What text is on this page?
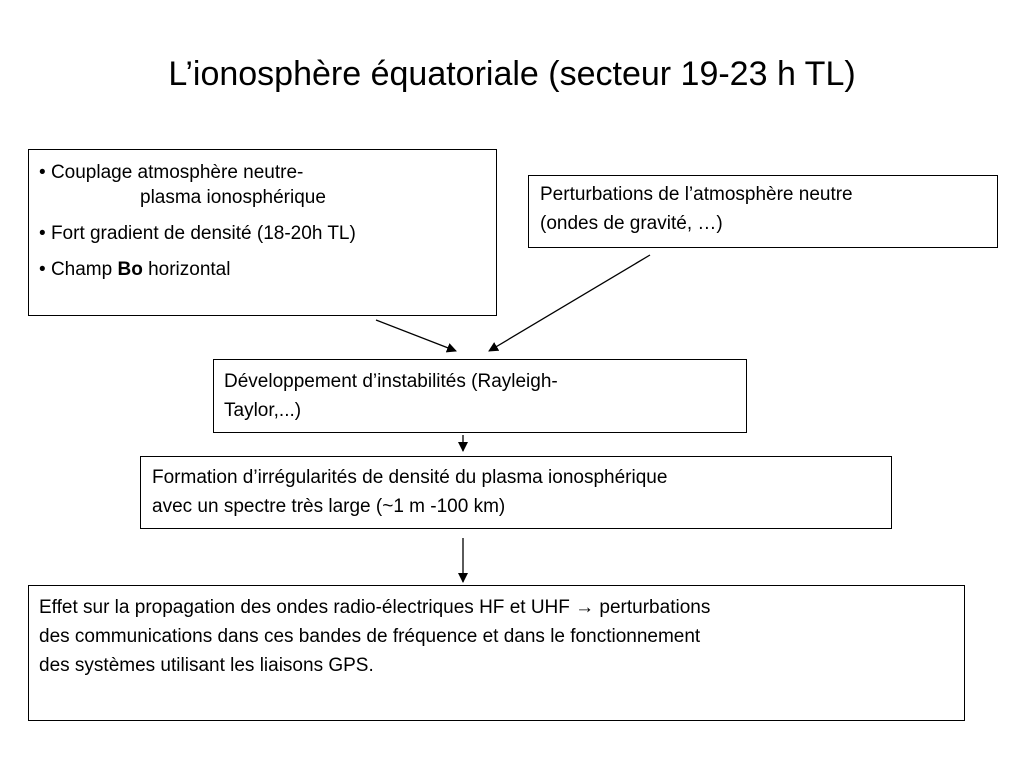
L’ionosphère équatoriale (secteur 19-23 h TL)
• Couplage atmosphère neutre-
plasma ionosphérique
• Fort gradient de densité (18-20h TL)
• Champ Bo horizontal
Perturbations de l’atmosphère neutre
(ondes de gravité, …)
Développement d’instabilités (Rayleigh-
Taylor,...)
Formation d’irrégularités de densité du plasma ionosphérique
avec un spectre très large (~1 m -100 km)
Effet sur la propagation des ondes radio-électriques HF et UHF → perturbations
des communications dans ces bandes de fréquence et dans le fonctionnement
des systèmes utilisant les liaisons GPS.
